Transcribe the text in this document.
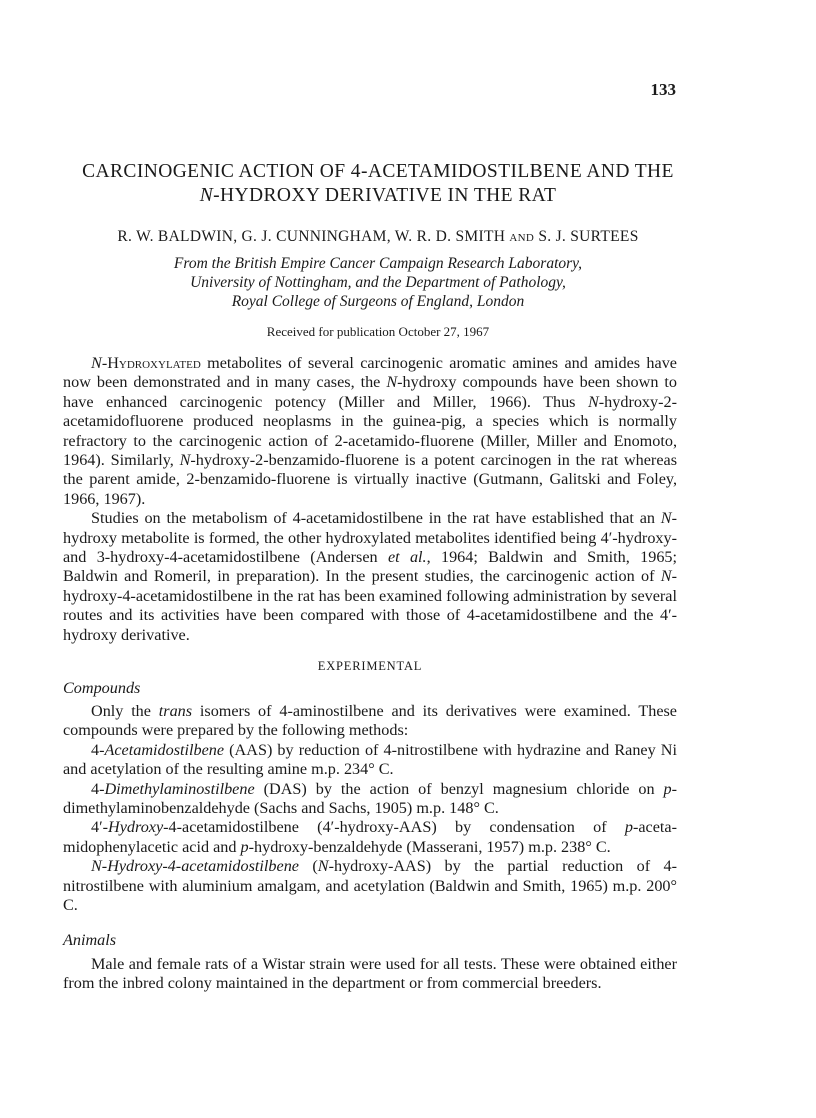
133
CARCINOGENIC ACTION OF 4-ACETAMIDOSTILBENE AND THE
N-HYDROXY DERIVATIVE IN THE RAT
R. W. BALDWIN, G. J. CUNNINGHAM, W. R. D. SMITH and S. J. SURTEES
From the British Empire Cancer Campaign Research Laboratory,
University of Nottingham, and the Department of Pathology,
Royal College of Surgeons of England, London
Received for publication October 27, 1967

N-Hydroxylated metabolites of several carcinogenic aromatic amines and amides have now been demonstrated and in many cases, the N-hydroxy compounds have been shown to have enhanced carcinogenic potency (Miller and Miller, 1966). Thus N-hydroxy-2-acetamidofluorene produced neoplasms in the guinea-pig, a species which is normally refractory to the carcinogenic action of 2-acetamido-fluorene (Miller, Miller and Enomoto, 1964). Similarly, N-hydroxy-2-benzamido-fluorene is a potent carcinogen in the rat whereas the parent amide, 2-benzamido-fluorene is virtually inactive (Gutmann, Galitski and Foley, 1966, 1967).

Studies on the metabolism of 4-acetamidostilbene in the rat have established that an N-hydroxy metabolite is formed, the other hydroxylated metabolites identified being 4′-hydroxy- and 3-hydroxy-4-acetamidostilbene (Andersen et al., 1964; Baldwin and Smith, 1965; Baldwin and Romeril, in preparation). In the present studies, the carcinogenic action of N-hydroxy-4-acetamidostilbene in the rat has been examined following administration by several routes and its activities have been compared with those of 4-acetamidostilbene and the 4′-hydroxy derivative.

EXPERIMENTAL
Compounds

Only the trans isomers of 4-aminostilbene and its derivatives were examined. These compounds were prepared by the following methods:

4-Acetamidostilbene (AAS) by reduction of 4-nitrostilbene with hydrazine and Raney Ni and acetylation of the resulting amine m.p. 234° C.

4-Dimethylaminostilbene (DAS) by the action of benzyl magnesium chloride on p-dimethylaminobenzaldehyde (Sachs and Sachs, 1905) m.p. 148° C.

4′-Hydroxy-4-acetamidostilbene (4′-hydroxy-AAS) by condensation of p-aceta-midophenylacetic acid and p-hydroxy-benzaldehyde (Masserani, 1957) m.p. 238° C.

N-Hydroxy-4-acetamidostilbene (N-hydroxy-AAS) by the partial reduction of 4-nitrostilbene with aluminium amalgam, and acetylation (Baldwin and Smith, 1965) m.p. 200° C.

Animals

Male and female rats of a Wistar strain were used for all tests. These were obtained either from the inbred colony maintained in the department or from commercial breeders.
